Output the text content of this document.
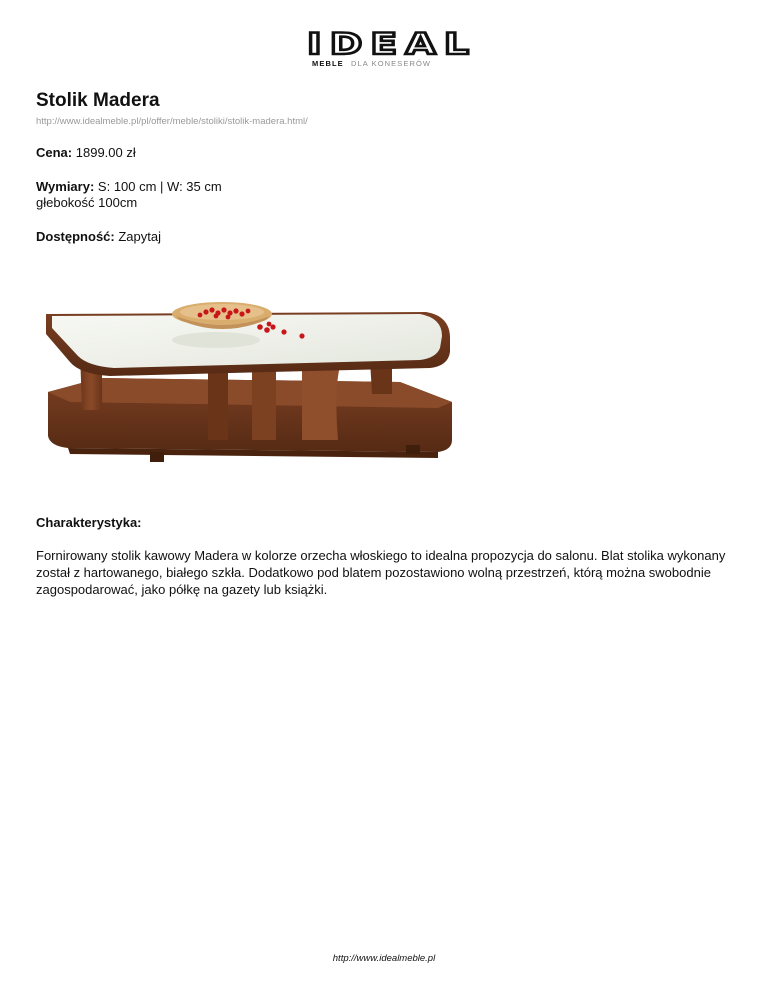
IDEAL
MEBLE DLA KONESERÓW
Stolik Madera
http://www.idealmeble.pl/pl/offer/meble/stoliki/stolik-madera.html/
Cena: 1899.00 zł
Wymiary: S: 100 cm | W: 35 cm
głebokość 100cm
Dostępność: Zapytaj
Charakterystyka:

Fornirowany stolik kawowy Madera w kolorze orzecha włoskiego to idealna propozycja do salonu. Blat stolika wykonany został z hartowanego, białego szkła. Dodatkowo pod blatem pozostawiono wolną przestrzeń, którą można swobodnie zagospodarować, jako półkę na gazety lub książki.

http://www.idealmeble.pl
